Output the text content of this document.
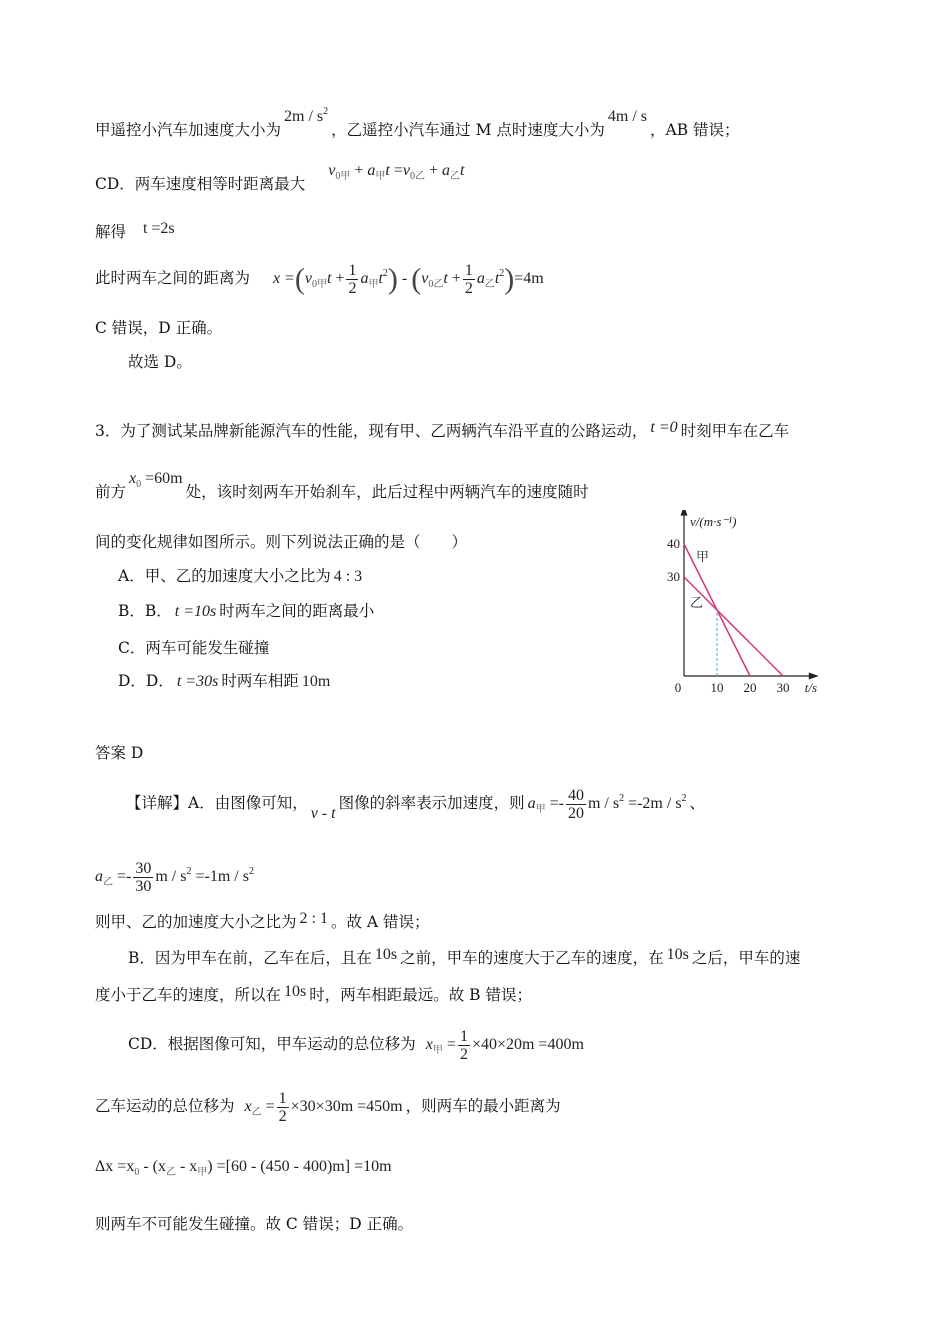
甲遥控小汽车加速度大小为$2m / s^2$，乙遥控小汽车通过 M 点时速度大小为4m / s，AB 错误；
CD．两车速度相等时距离最大 $v_{0甲} + a_甲t =v_{0乙} + a_乙t$
解得 t =2s
此时两车之间的距离为 $x =(v_{0甲}t + \frac{1}{2} a_甲t^2) - (v_{0乙}t + \frac{1}{2} a_乙t^2)=4m$
C 错误，D 正确。
故选 D。
3．为了测试某品牌新能源汽车的性能，现有甲、乙两辆汽车沿平直的公路运动， t =0 时刻甲车在乙车
前方$x_0 =60m$处，该时刻两车开始刹车，此后过程中两辆汽车的速度随时
间的变化规律如图所示。则下列说法正确的是（　　）
A．甲、乙的加速度大小之比为 4 : 3
B．B． t =10s 时两车之间的距离最小
C．两车可能发生碰撞
D．D． t =30s 时两车相距 10m
v/(m·s⁻¹)
t/s
0 10 20 30
30
40
甲
乙
答案 D
【详解】A．由图像可知，v - t图像的斜率表示加速度，则 $a_甲 =- \frac{40}{20}$ $m / s^2 =-2m / s^2$ 、
$a_乙 =- \frac{30}{30}$ $m / s^2 =-1m / s^2$
则甲、乙的加速度大小之比为 2 : 1 。故 A 错误；
B．因为甲车在前，乙车在后，且在 10s 之前，甲车的速度大于乙车的速度，在 10s 之后，甲车的速
度小于乙车的速度，所以在 10s 时，两车相距最远。故 B 错误；
CD．根据图像可知，甲车运动的总位移为 $x_甲 = \frac{1}{2} \times 40\times 20m =400m$
乙车运动的总位移为 $x_乙 = \frac{1}{2} \times 30\times 30m =450m$ ，则两车的最小距离为
$\Delta x =x_0 - (x_乙 - x_甲) =[60 - (450 - 400)m] =10m$
则两车不可能发生碰撞。故 C 错误；D 正确。
